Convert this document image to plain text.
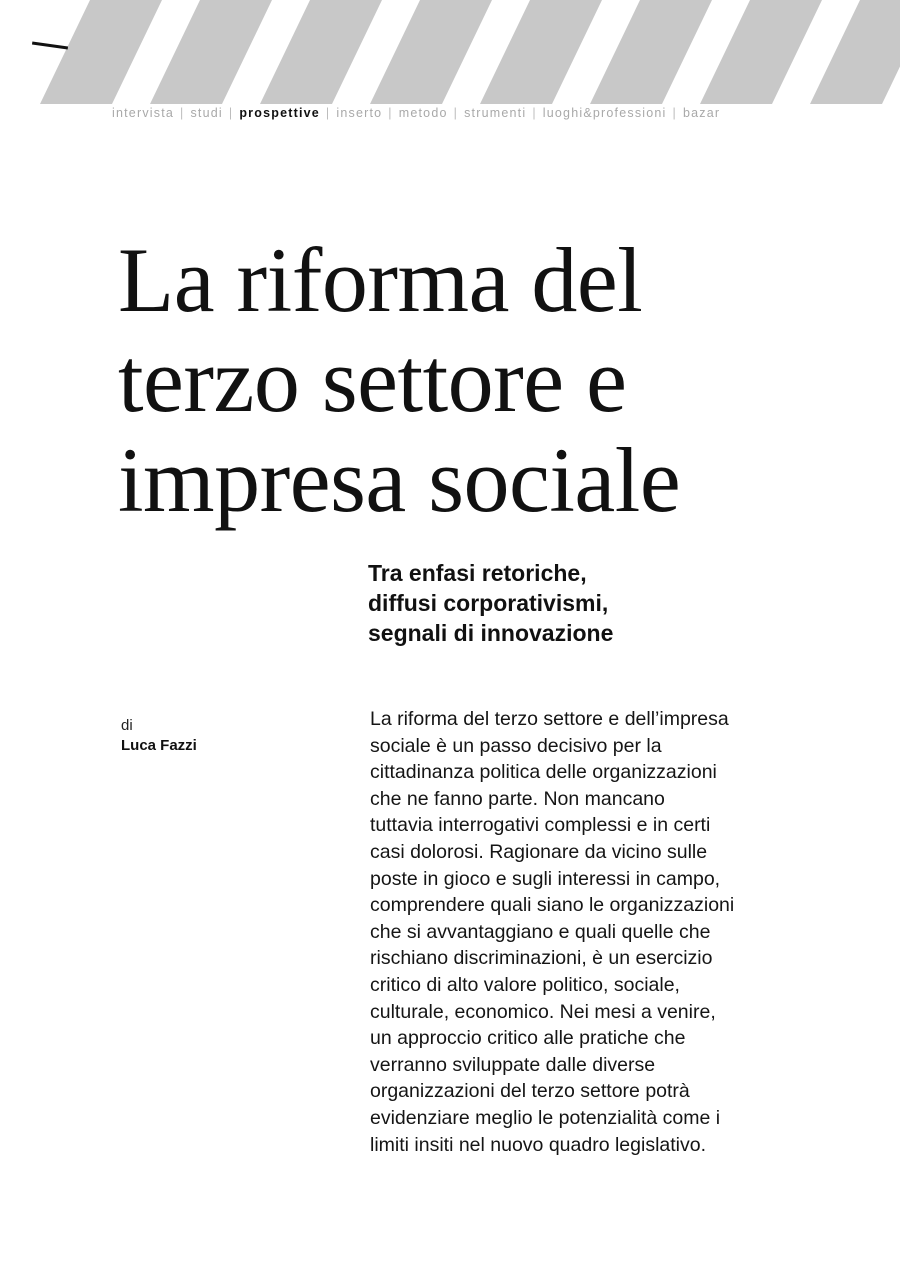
intervista | studi | prospettive | inserto | metodo | strumenti | luoghi&professioni | bazar
La riforma del
terzo settore e
impresa sociale
Tra enfasi retoriche,
diffusi corporativismi,
segnali di innovazione
di
Luca Fazzi

La riforma del terzo settore e dell’impresa
sociale è un passo decisivo per la
cittadinanza politica delle organizzazioni
che ne fanno parte. Non mancano
tuttavia interrogativi complessi e in certi
casi dolorosi. Ragionare da vicino sulle
poste in gioco e sugli interessi in campo,
comprendere quali siano le organizzazioni
che si avvantaggiano e quali quelle che
rischiano discriminazioni, è un esercizio
critico di alto valore politico, sociale,
culturale, economico. Nei mesi a venire,
un approccio critico alle pratiche che
verranno sviluppate dalle diverse
organizzazioni del terzo settore potrà
evidenziare meglio le potenzialità come i
limiti insiti nel nuovo quadro legislativo.
